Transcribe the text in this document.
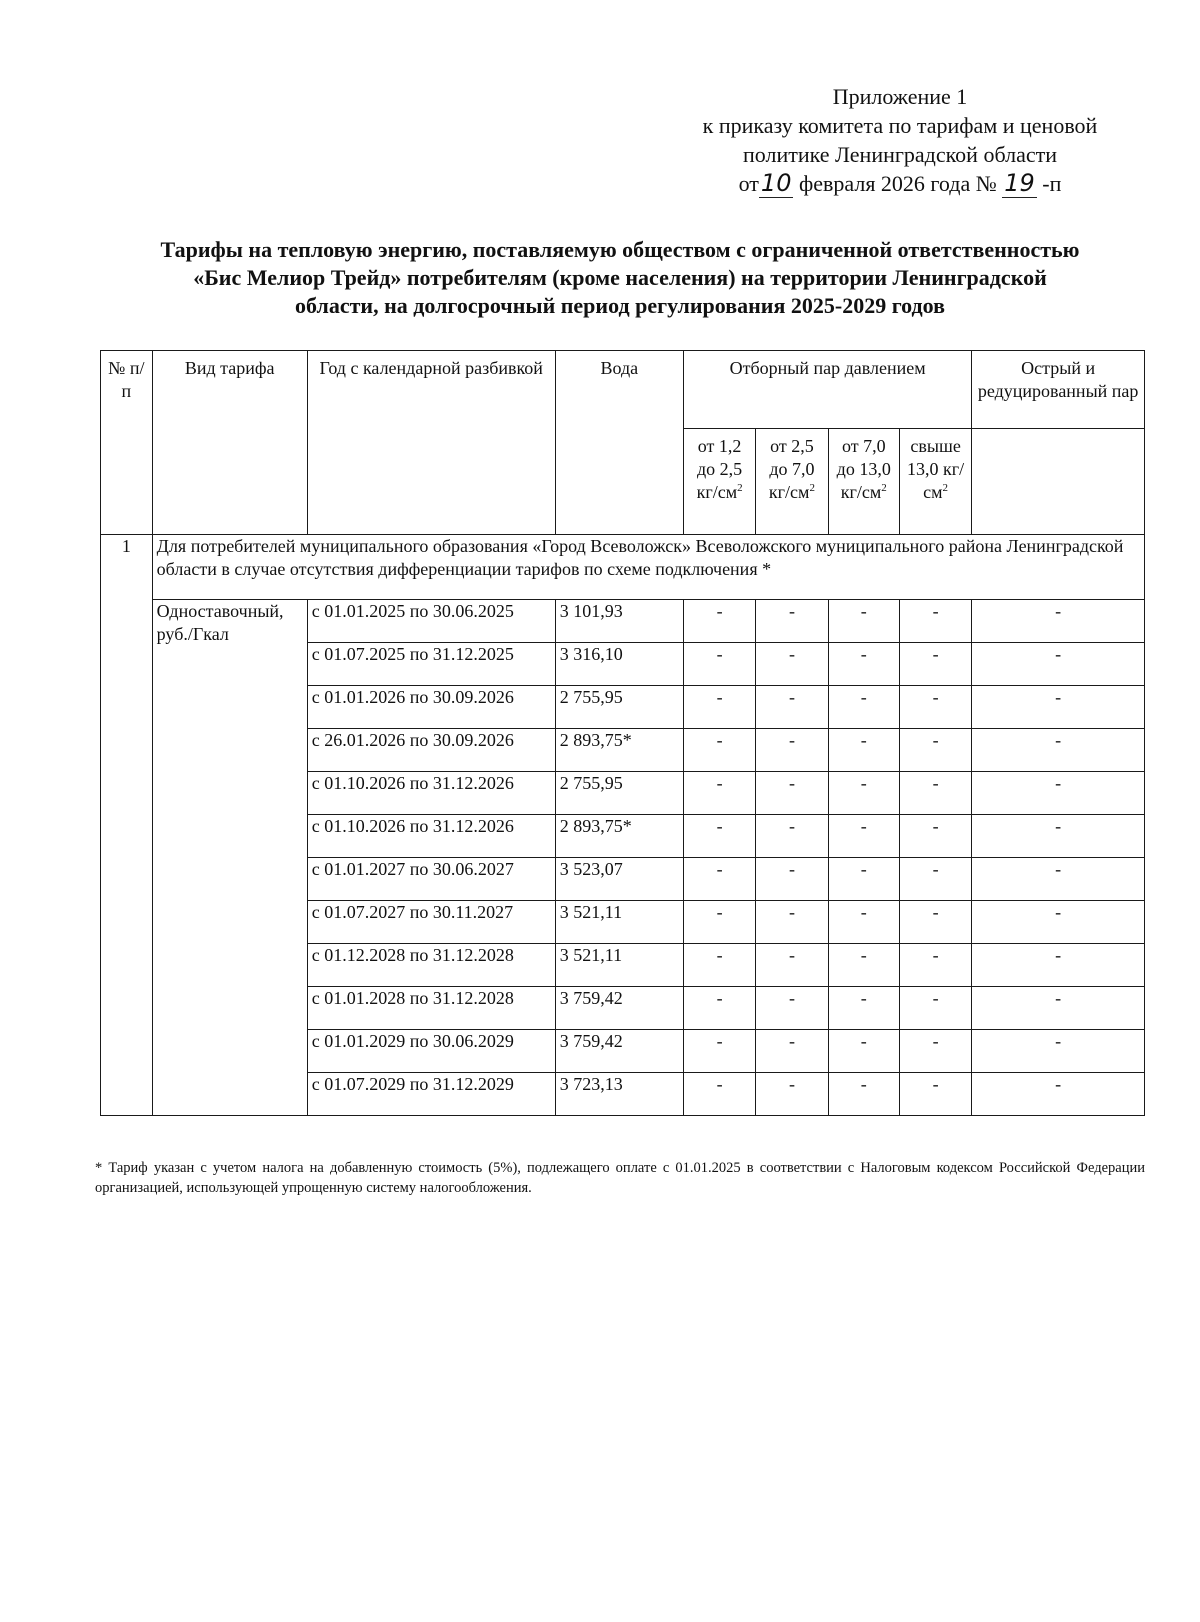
Приложение 1
к приказу комитета по тарифам и ценовой
политике Ленинградской области
от10 февраля 2026 года № 19 -п
Тарифы на тепловую энергию, поставляемую обществом с ограниченной ответственностью
«Бис Мелиор Трейд» потребителям (кроме населения) на территории Ленинградской
области, на долгосрочный период регулирования 2025-2029 годов
№ п/п	Вид тарифа	Год с календарной разбивкой	Вода	Отборный пар давлением				Острый и редуцированный пар
				от 1,2 до 2,5 $кг/см^2$	от 2,5 до 7,0 $кг/см^2$	от 7,0 до 13,0 $кг/см^2$	свыше 13,0 $кг/см^2$	
1	Для потребителей муниципального образования «Город Всеволожск» Всеволожского муниципального района Ленинградской области в случае отсутствия дифференциации тарифов по схеме подключения *							
	Одноставочный, руб./Гкал	с 01.01.2025 по 30.06.2025	3 101,93	-	-	-	-	-
		с 01.07.2025 по 31.12.2025	3 316,10	-	-	-	-	-
		с 01.01.2026 по 30.09.2026	2 755,95	-	-	-	-	-
		с 26.01.2026 по 30.09.2026	2 893,75*	-	-	-	-	-
		с 01.10.2026 по 31.12.2026	2 755,95	-	-	-	-	-
		с 01.10.2026 по 31.12.2026	2 893,75*	-	-	-	-	-
		с 01.01.2027 по 30.06.2027	3 523,07	-	-	-	-	-
		с 01.07.2027 по 30.11.2027	3 521,11	-	-	-	-	-
		с 01.12.2028 по 31.12.2028	3 521,11	-	-	-	-	-
		с 01.01.2028 по 31.12.2028	3 759,42	-	-	-	-	-
		с 01.01.2029 по 30.06.2029	3 759,42	-	-	-	-	-
		с 01.07.2029 по 31.12.2029	3 723,13	-	-	-	-	-
* Тариф указан с учетом налога на добавленную стоимость (5%), подлежащего оплате с 01.01.2025 в соответствии с Налоговым кодексом Российской Федерации организацией, использующей упрощенную систему налогообложения.
